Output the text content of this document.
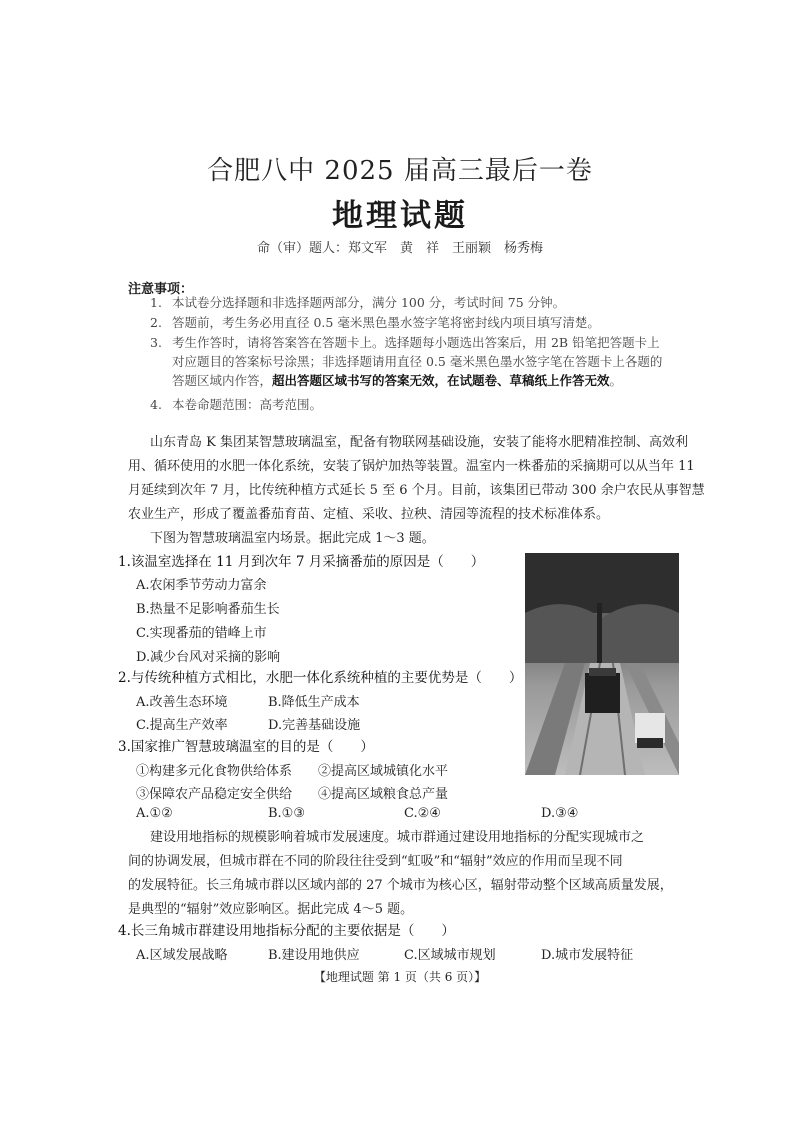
合肥八中 2025 届高三最后一卷
地理试题
命（审）题人：郑文军　黄　祥　王丽颖　杨秀梅
注意事项：
1. 本试卷分选择题和非选择题两部分，满分 100 分，考试时间 75 分钟。
2. 答题前，考生务必用直径 0.5 毫米黑色墨水签字笔将密封线内项目填写清楚。
3. 考生作答时，请将答案答在答题卡上。选择题每小题选出答案后，用 2B 铅笔把答题卡上
对应题目的答案标号涂黑；非选择题请用直径 0.5 毫米黑色墨水签字笔在答题卡上各题的
答题区域内作答，超出答题区域书写的答案无效，在试题卷、草稿纸上作答无效。
4. 本卷命题范围：高考范围。
山东青岛 K 集团某智慧玻璃温室，配备有物联网基础设施，安装了能将水肥精准控制、高效利
用、循环使用的水肥一体化系统，安装了锅炉加热等装置。温室内一株番茄的采摘期可以从当年 11
月延续到次年 7 月，比传统种植方式延长 5 至 6 个月。目前，该集团已带动 300 余户农民从事智慧
农业生产，形成了覆盖番茄育苗、定植、采收、拉秧、清园等流程的技术标准体系。
下图为智慧玻璃温室内场景。据此完成 1～3 题。
1.该温室选择在 11 月到次年 7 月采摘番茄的原因是（　　）
A.农闲季节劳动力富余
B.热量不足影响番茄生长
C.实现番茄的错峰上市
D.减少台风对采摘的影响
2.与传统种植方式相比，水肥一体化系统种植的主要优势是（　　）
A.改善生态环境	B.降低生产成本
C.提高生产效率	D.完善基础设施
3.国家推广智慧玻璃温室的目的是（　　）
①构建多元化食物供给体系 ②提高区域城镇化水平
③保障农产品稳定安全供给 ④提高区域粮食总产量
A.①②	B.①③	C.②④	D.③④
建设用地指标的规模影响着城市发展速度。城市群通过建设用地指标的分配实现城市之
间的协调发展，但城市群在不同的阶段往往受到“虹吸”和“辐射”效应的作用而呈现不同
的发展特征。长三角城市群以区域内部的 27 个城市为核心区，辐射带动整个区域高质量发展，
是典型的“辐射”效应影响区。据此完成 4～5 题。
4.长三角城市群建设用地指标分配的主要依据是（　　）
A.区域发展战略	B.建设用地供应	C.区域城市规划	D.城市发展特征
【地理试题 第 1 页（共 6 页）】
